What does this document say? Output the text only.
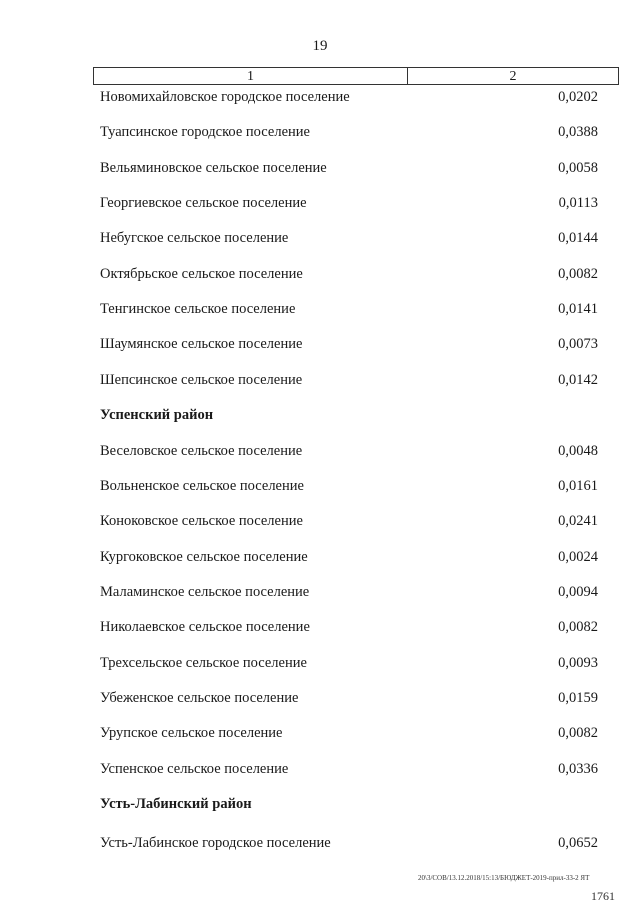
19
1	2
Новомихайловское городское поселение	0,0202
Туапсинское городское поселение	0,0388
Вельяминовское сельское поселение	0,0058
Георгиевское сельское поселение	0,0113
Небугское сельское поселение	0,0144
Октябрьское сельское поселение	0,0082
Тенгинское сельское поселение	0,0141
Шаумянское сельское поселение	0,0073
Шепсинское сельское поселение	0,0142
Успенский район
Веселовское сельское поселение	0,0048
Вольненское сельское поселение	0,0161
Коноковское сельское поселение	0,0241
Кургоковское сельское поселение	0,0024
Маламинское сельское поселение	0,0094
Николаевское сельское поселение	0,0082
Трехсельское сельское поселение	0,0093
Убеженское сельское поселение	0,0159
Урупское сельское поселение	0,0082
Успенское сельское поселение	0,0336
Усть-Лабинский район
Усть-Лабинское городское поселение	0,0652
20\3/СОВ/13.12.2018/15:13/БЮДЖЕТ-2019-прил-33-2 ЯТ
1761
